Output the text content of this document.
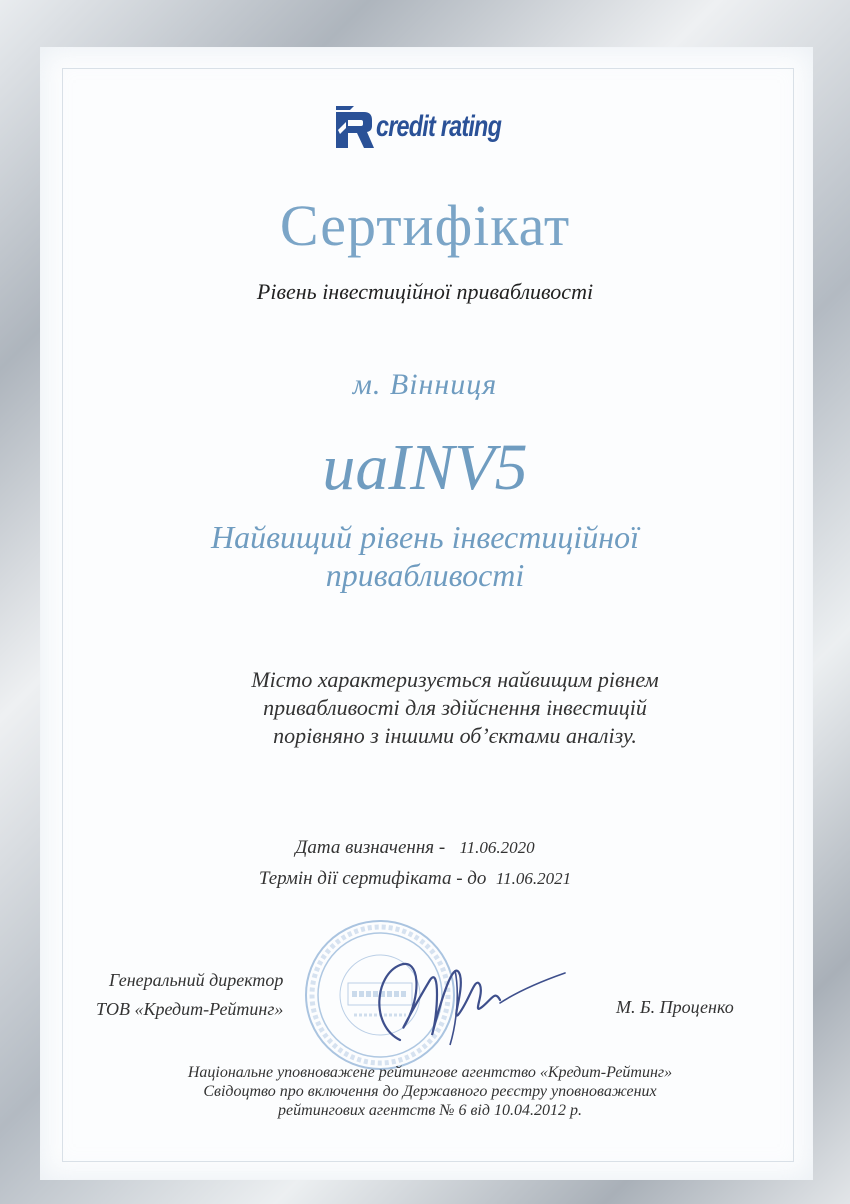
credit rating
Сертифікат
Рівень інвестиційної привабливості
м. Вінниця
uaINV5
Найвищий рівень інвестиційної
привабливості
Місто характеризується найвищим рівнем
привабливості для здійснення інвестицій
порівняно з іншими об’єктами аналізу.
Дата визначення - 11.06.2020
Термін дії сертифіката - до 11.06.2021
Генеральний директор
ТОВ «Кредит-Рейтинг»	М. Б. Проценко
Національне уповноважене рейтингове агентство «Кредит-Рейтинг»
Свідоцтво про включення до Державного реєстру уповноважених
рейтингових агентств № 6 від 10.04.2012 р.
